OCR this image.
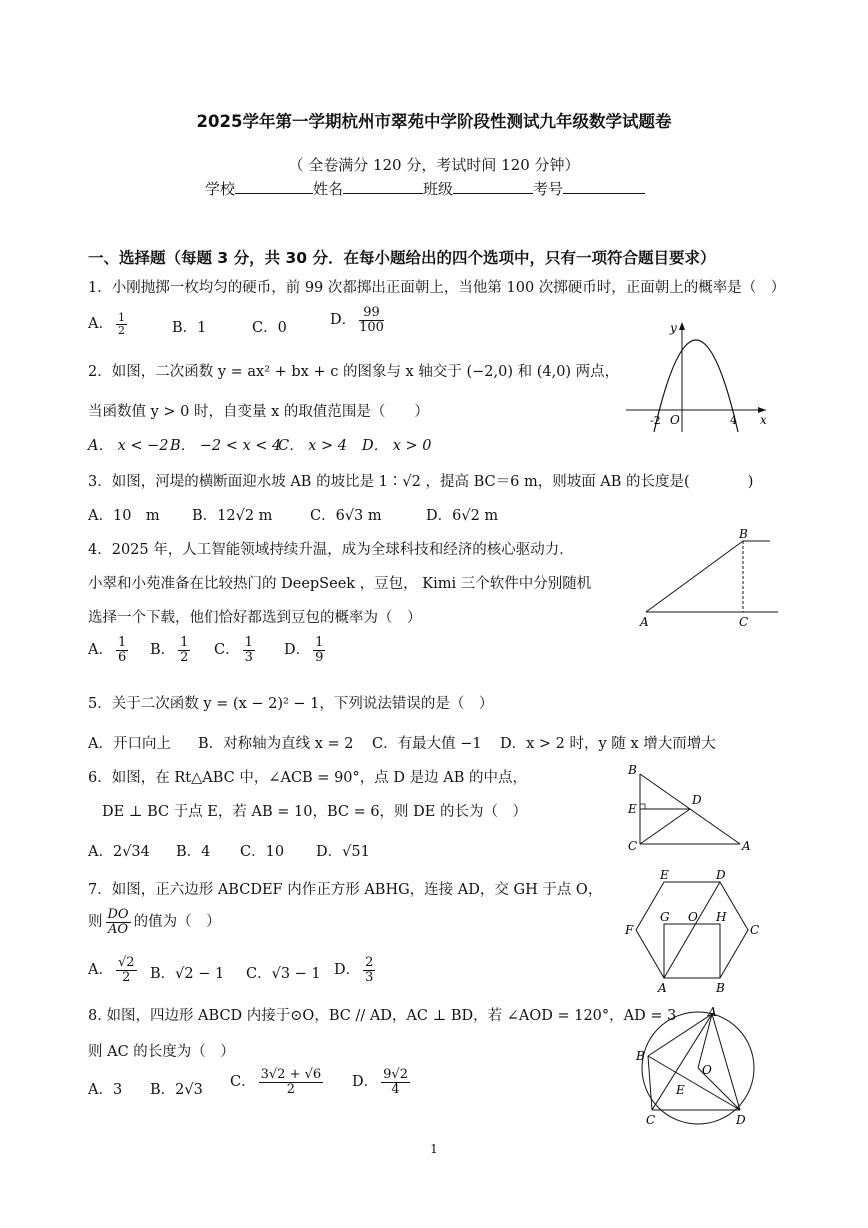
2025学年第一学期杭州市翠苑中学阶段性测试九年级数学试题卷
（ 全卷满分 120 分，考试时间 120 分钟）
学校	姓名	班级	考号
一、选择题（每题 3 分，共 30 分．在每小题给出的四个选项中，只有一项符合题目要求）
1．小刚抛掷一枚均匀的硬币，前 99 次都掷出正面朝上，当他第 100 次掷硬币时，正面朝上的概率是（　）
A． $\frac{1}{2}$	B．1	C．0	D． $\frac{99}{100}$
2．如图，二次函数 y = ax² + bx + c 的图象与 x 轴交于 (−2,0) 和 (4,0) 两点，
当函数值 y > 0 时，自变量 x 的取值范围是（　　）
A． x < −2 B． −2 < x < 4
C． x > 4 D． x > 0
y
O
-2	4 x
3．如图，河堤的横断面迎水坡 AB 的坡比是 1∶√2 ，提高 BC＝6 m，则坡面 AB 的长度是(　　　　)
A．10　m B．12√2 m	C．6√3 m	D．6√2 m
4．2025 年，人工智能领域持续升温，成为全球科技和经济的核心驱动力．
小翠和小苑准备在比较热门的 DeepSeek ，豆包， Kimi 三个软件中分别随机
选择一个下载，他们恰好都选到豆包的概率为（　）
A． $\frac{1}{6}$ B． $\frac{1}{2}$ C． $\frac{1}{3}$ D． $\frac{1}{9}$
A
B
C
5．关于二次函数 y = (x − 2)² − 1，下列说法错误的是（　）
A．开口向上 B．对称轴为直线 x = 2 C．有最大值 −1 D．x > 2 时，y 随 x 增大而增大
6．如图，在 Rt△ABC 中，∠ACB = 90°，点 D 是边 AB 的中点，
DE ⊥ BC 于点 E，若 AB = 10，BC = 6，则 DE 的长为（　）
A．2√34 B．4 C．10 D．√51
B
E
C
D
A
7．如图，正六边形 ABCDEF 内作正方形 ABHG，连接 AD，交 GH 于点 O，
则 $\frac{DO}{AO}$ 的值为（　）
A． $\frac{√2}{2}$ B．√2 − 1 C．√3 − 1 D． $\frac{2}{3}$
A	B
C
D
E
F
G O H
8. 如图，四边形 ABCD 内接于⊙O，BC // AD，AC ⊥ BD，若 ∠AOD = 120°，AD = 3
则 AC 的长度为（　）
A．3 B．2√3 C． $\frac{3√2 + √6}{2}$ D． $\frac{9√2}{4}$
A
B
C	D
E
O
1
